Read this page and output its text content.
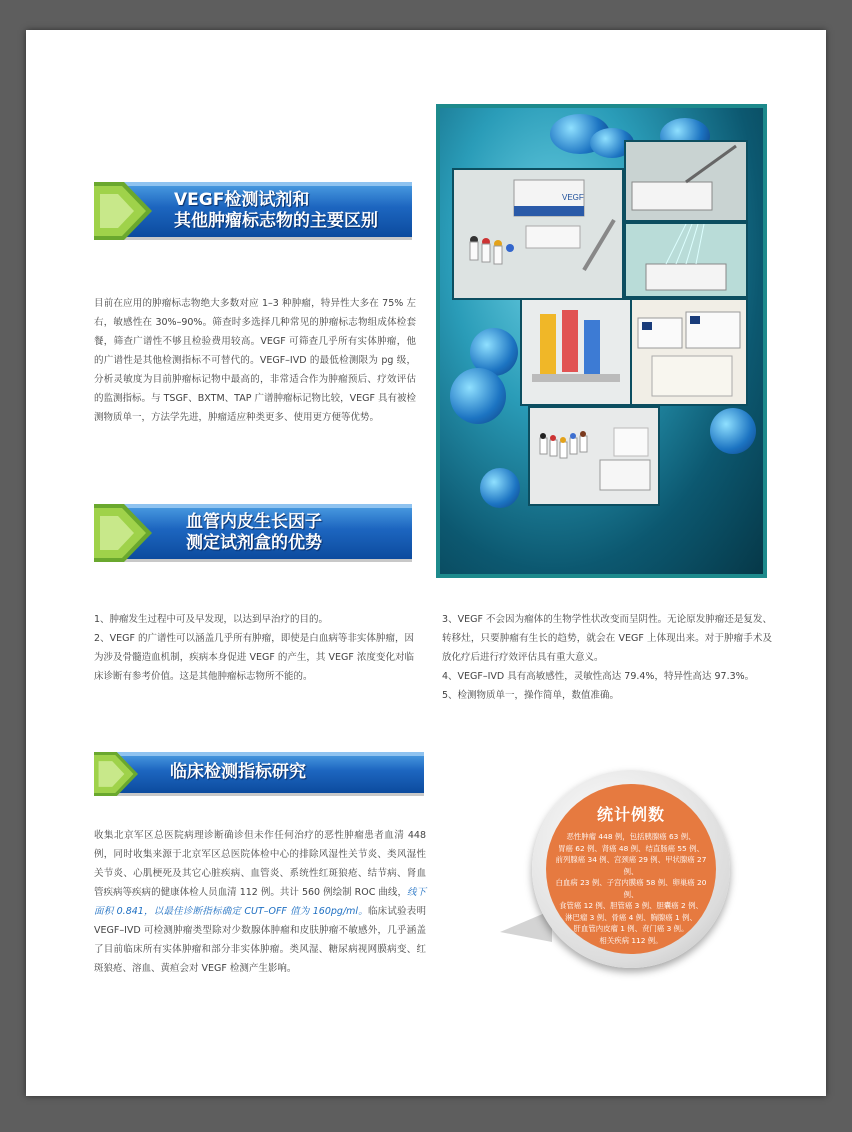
VEGF检测试剂和
其他肿瘤标志物的主要区别

目前在应用的肿瘤标志物绝大多数对应 1–3 种肿瘤，特异性大多在 75% 左右，敏感性在 30%–90%。筛查时多选择几种常见的肿瘤标志物组成体检套餐，筛查广谱性不够且检验费用较高。VEGF 可筛查几乎所有实体肿瘤，他的广谱性是其他检测指标不可替代的。VEGF–IVD 的最低检测限为 pg 级，分析灵敏度为目前肿瘤标记物中最高的，非常适合作为肿瘤预后、疗效评估的监测指标。与 TSGF、BXTM、TAP 广谱肿瘤标记物比较，VEGF 具有被检测物质单一，方法学先进，肿瘤适应种类更多、使用更方便等优势。

VEGF
血管内皮生长因子
测定试剂盒的优势

1、肿瘤发生过程中可及早发现，以达到早治疗的目的。

2、VEGF 的广谱性可以涵盖几乎所有肿瘤，即使是白血病等非实体肿瘤，因为涉及骨髓造血机制，疾病本身促进 VEGF 的产生，其 VEGF 浓度变化对临床诊断有参考价值。这是其他肿瘤标志物所不能的。

3、VEGF 不会因为瘤体的生物学性状改变而呈阴性。无论原发肿瘤还是复发、转移灶，只要肿瘤有生长的趋势，就会在 VEGF 上体现出来。对于肿瘤手术及放化疗后进行疗效评估具有重大意义。

4、VEGF–IVD 具有高敏感性，灵敏性高达 79.4%，特异性高达 97.3%。

5、检测物质单一，操作简单，数值准确。

临床检测指标研究

收集北京军区总医院病理诊断确诊但未作任何治疗的恶性肿瘤患者血清 448 例，同时收集来源于北京军区总医院体检中心的排除风湿性关节炎、类风湿性关节炎、心肌梗死及其它心脏疾病、血管炎、系统性红斑狼疮、结节病、肾血管疾病等疾病的健康体检人员血清 112 例。共计 560 例绘制 ROC 曲线，线下面积 0.841，以最佳诊断指标确定 CUT–OFF 值为 160pg/ml。临床试验表明 VEGF–IVD 可检测肿瘤类型除对少数腺体肿瘤和皮肤肿瘤不敏感外，几乎涵盖了目前临床所有实体肿瘤和部分非实体肿瘤。类风湿、糖尿病视网膜病变、红斑狼疮、溶血、黄疸会对 VEGF 检测产生影响。

统计例数
恶性肿瘤 448 例，包括胰腺癌 63 例、
胃癌 62 例、肾癌 48 例、结直肠癌 55 例、
前列腺癌 34 例、宫颈癌 29 例、甲状腺癌 27 例、
白血病 23 例、子宫内膜癌 58 例、卵巢癌 20 例、
食管癌 12 例、胆管癌 3 例、胆囊癌 2 例、
淋巴瘤 3 例、骨癌 4 例、胸腺癌 1 例、
肝血管内皮瘤 1 例、贲门癌 3 例。
相关疾病 112 例。
